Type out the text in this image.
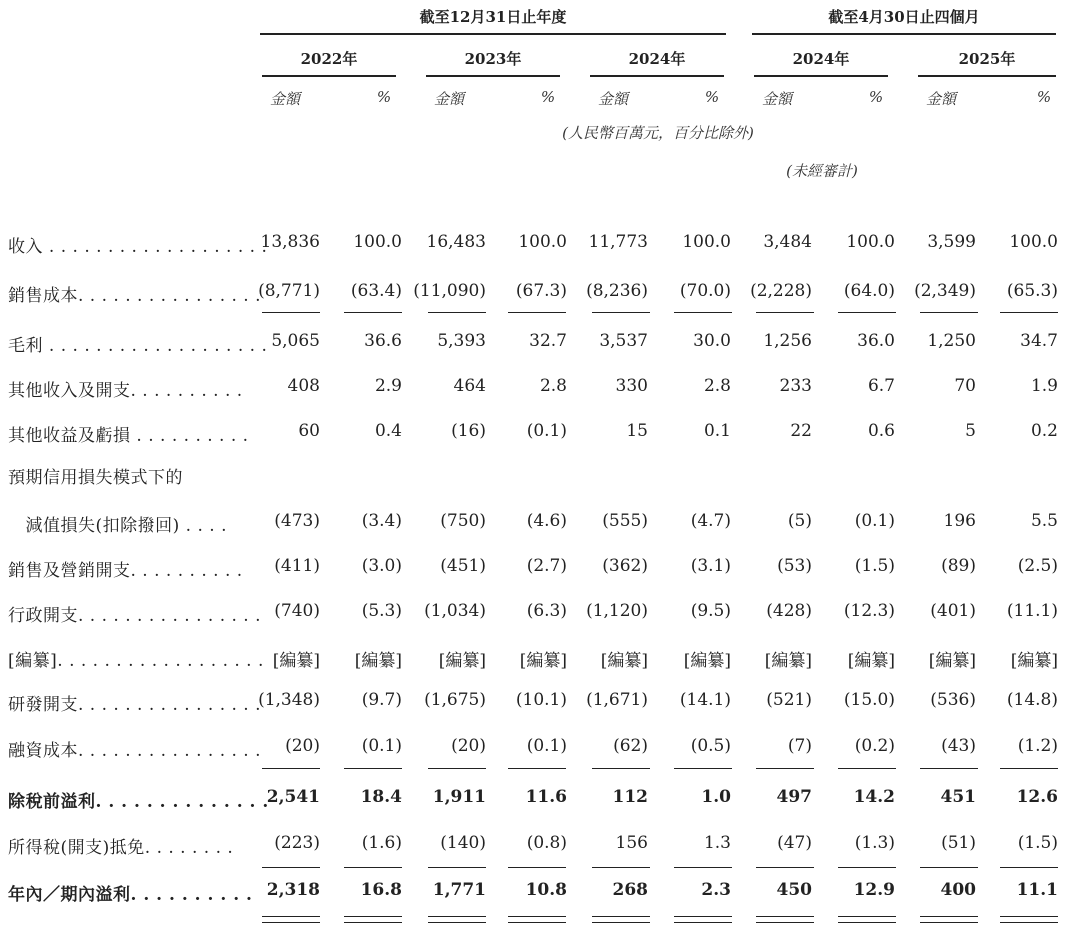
截至12月31日止年度	截至4月30日止四個月
2022年	2023年	2024年	2024年	2025年
金額	%	金額	%	金額	%	金額	%	金額	%
(人民幣百萬元，百分比除外)
(未經審計)
收入 . . . . . . . . . . . . . . . . . . .
13,836	100.0	16,483	100.0	11,773	100.0	3,484	100.0	3,599	100.0
銷售成本. . . . . . . . . . . . . . . .
(8,771)	(63.4) (11,090)	(67.3)	(8,236)	(70.0)	(2,228)	(64.0)	(2,349)	(65.3)
毛利 . . . . . . . . . . . . . . . . . . . 5,065	36.6	5,393	32.7	3,537	30.0	1,256	36.0	1,250	34.7
其他收入及開支. . . . . . . . . .	408	2.9	464	2.8	330	2.8	233	6.7	70	1.9
其他收益及虧損 . . . . . . . . . .	60	0.4	(16)	(0.1)	15	0.1	22	0.6	5	0.2
預期信用損失模式下的
　減值損失(扣除撥回) . . . .	(473)	(3.4)	(750)	(4.6)	(555)	(4.7)	(5)	(0.1)	196	5.5
銷售及營銷開支. . . . . . . . . .	(411)	(3.0)	(451)	(2.7)	(362)	(3.1)	(53)	(1.5)	(89)	(2.5)
行政開支. . . . . . . . . . . . . . . . (740)	(5.3)	(1,034)	(6.3)	(1,120)	(9.5)	(428)	(12.3)	(401)	(11.1)
[編纂]. . . . . . . . . . . . . . . . . . [編纂]	[編纂]	[編纂]	[編纂]	[編纂]	[編纂]	[編纂]	[編纂]	[編纂]	[編纂]
研發開支. . . . . . . . . . . . . . . .
(1,348)	(9.7)	(1,675)	(10.1)	(1,671)	(14.1)	(521)	(15.0)	(536)	(14.8)
融資成本. . . . . . . . . . . . . . . .	(20)	(0.1)	(20)	(0.1)	(62)	(0.5)	(7)	(0.2)	(43)	(1.2)
除稅前溢利. . . . . . . . . . . . . .
2,541	18.4	1,911	11.6	112	1.0	497	14.2	451	12.6
所得稅(開支)抵免. . . . . . . .	(223)	(1.6)	(140)	(0.8)	156	1.3	(47)	(1.3)	(51)	(1.5)
年內／期內溢利. . . . . . . . . . 2,318	16.8	1,771	10.8	268	2.3	450	12.9	400	11.1
